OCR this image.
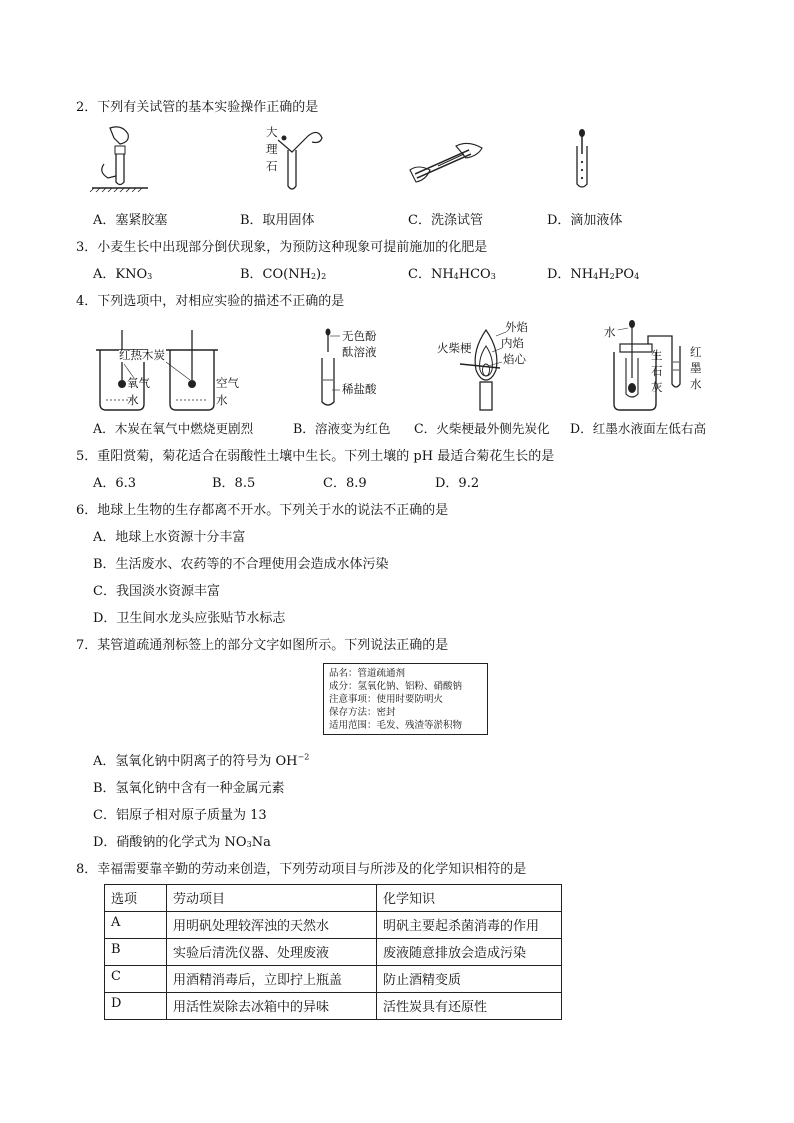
2．下列有关试管的基本实验操作正确的是
大
理
石
A．塞紧胶塞	B．取用固体	C．洗涤试管	D．滴加液体
3．小麦生长中出现部分倒伏现象，为预防这种现象可提前施加的化肥是
A．$KNO_3$	B．$CO(NH_2)_2$	C．$NH_4HCO_3$	D．$NH_4H_2PO_4$
4．下列选项中，对相应实验的描述不正确的是
红热木炭
氧气
水
空气
水
无色酚
酞溶液
稀盐酸
外焰
内焰
焰心
火柴梗
水
生
石
灰
红
墨
水
A．木炭在氧气中燃烧更剧烈	B．溶液变为红色 C．火柴梗最外侧先炭化 D．红墨水液面左低右高
5．重阳赏菊，菊花适合在弱酸性土壤中生长。下列土壤的 pH 最适合菊花生长的是
A．6.3	B．8.5	C．8.9	D．9.2
6．地球上生物的生存都离不开水。下列关于水的说法不正确的是
A．地球上水资源十分丰富
B．生活废水、农药等的不合理使用会造成水体污染
C．我国淡水资源丰富
D．卫生间水龙头应张贴节水标志
7．某管道疏通剂标签上的部分文字如图所示。下列说法正确的是
品名：管道疏通剂
成分：氢氧化钠、铝粉、硝酸钠
注意事项：使用时要防明火
保存方法：密封
适用范围：毛发、残渣等淤积物
A．氢氧化钠中阴离子的符号为 $OH^{-2}$
B．氢氧化钠中含有一种金属元素
C．铝原子相对原子质量为 13
D．硝酸钠的化学式为 $NO_3Na$
8．幸福需要靠辛勤的劳动来创造，下列劳动项目与所涉及的化学知识相符的是
选项	劳动项目	化学知识
A	用明矾处理较浑浊的天然水	明矾主要起杀菌消毒的作用
B	实验后清洗仪器、处理废液	废液随意排放会造成污染
C	用酒精消毒后，立即拧上瓶盖	防止酒精变质
D	用活性炭除去冰箱中的异味	活性炭具有还原性
